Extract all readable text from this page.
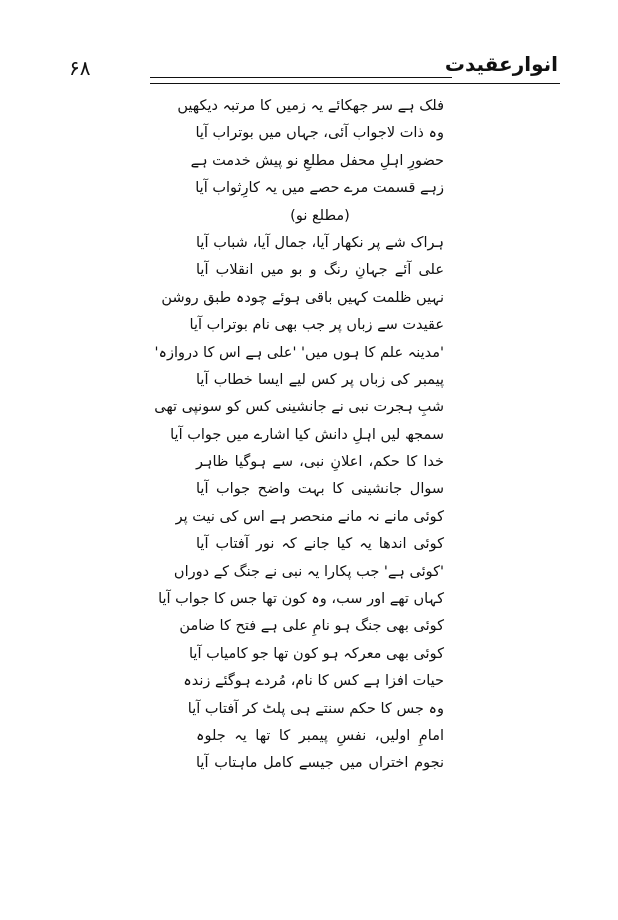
۶۸	انوارعقیدت
فلک ہے سر جھکائے یہ زمیں کا مرتبہ دیکھیں
وہ ذات لاجواب آئی، جہاں میں بوتراب آیا
حضورِ اہلِ محفل مطلعِ نو پیش خدمت ہے
زہے قسمت مرے حصے میں یہ کارِثواب آیا
(مطلع نو)
ہراک شے پر نکھار آیا، جمال آیا، شباب آیا
علی آئے جہانِ رنگ و بو میں انقلاب آیا
نہیں ظلمت کہیں باقی ہوئے چودہ طبق روشن
عقیدت سے زباں پر جب بھی نام بوتراب آیا
'مدینہ علم کا ہوں میں' 'علی ہے اس کا دروازہ'
پیمبر کی زباں پر کس لیے ایسا خطاب آیا
شبِ ہجرت نبی نے جانشینی کس کو سونپی تھی
سمجھ لیں اہلِ دانش کیا اشارے میں جواب آیا
خدا کا حکم، اعلانِ نبی، سے ہوگیا ظاہر
سوال جانشینی کا بہت واضح جواب آیا
کوئی مانے نہ مانے منحصر ہے اس کی نیت پر
کوئی اندھا یہ کیا جانے کہ نور آفتاب آیا
'کوئی ہے' جب پکارا یہ نبی نے جنگ کے دوراں
کہاں تھے اور سب، وہ کون تھا جس کا جواب آیا
کوئی بھی جنگ ہو نامِ علی ہے فتح کا ضامن
کوئی بھی معرکہ ہو کون تھا جو کامیاب آیا
حیات افزا ہے کس کا نام، مُردے ہوگئے زندہ
وہ جس کا حکم سنتے ہی پلٹ کر آفتاب آیا
امامِ اولیں، نفسِ پیمبر کا تھا یہ جلوہ
نجوم اختراں میں جیسے کامل ماہتاب آیا
